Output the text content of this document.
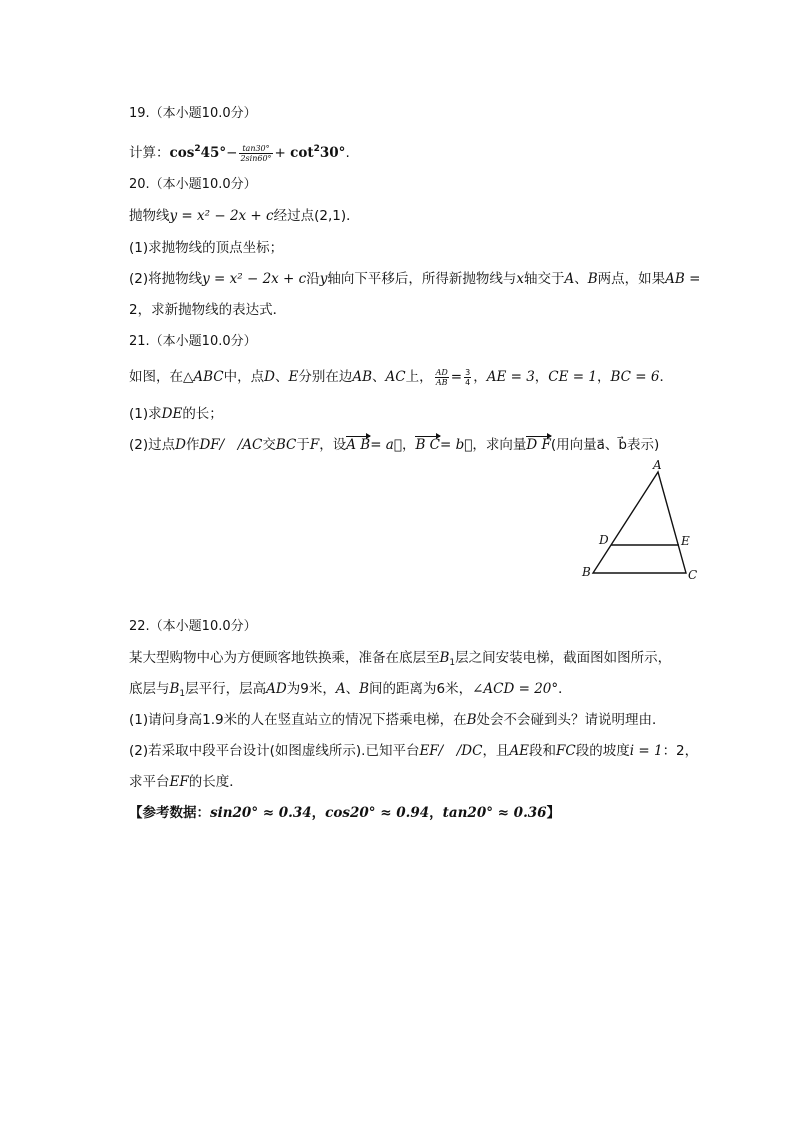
19.（本小题10.0分）
计算：$\cos^245^\circ- \frac{\tan 30^\circ}{2\sin 60^\circ} + \cot^230^\circ$.
20.（本小题10.0分）
抛物线y = x² − 2x + c经过点(2,1)．
(1)求抛物线的顶点坐标；
(2)将抛物线y = x² − 2x + c沿y轴向下平移后，所得新抛物线与x轴交于A、B两点，如果AB =
2，求新抛物线的表达式．
21.（本小题10.0分）
如图，在△ABC中，点D、E分别在边AB、AC上， $\frac{AD}{AB} = \frac{3}{4}$ ，AE = 3，CE = 1，BC = 6．
(1)求DE的长；
(2)过点D作DF/　/AC交BC于F，设A B= a⃗，B C= b⃗，求向量D F(用向量a⃗、b⃗表示)
A
B	C
D	E
22.（本小题10.0分）
某大型购物中心为方便顾客地铁换乘，准备在底层至$B_1$层之间安装电梯，截面图如图所示，
底层与$B_1$层平行，层高AD为9米，A、B间的距离为6米，∠ACD = 20°．
(1)请问身高1.9米的人在竖直站立的情况下搭乘电梯，在B处会不会碰到头？请说明理由．
(2)若采取中段平台设计(如图虚线所示).已知平台EF/　/DC，且AE段和FC段的坡度i = 1：2，
求平台EF的长度．
【参考数据：sin20° ≈ 0.34，cos20° ≈ 0.94，tan20° ≈ 0.36】
